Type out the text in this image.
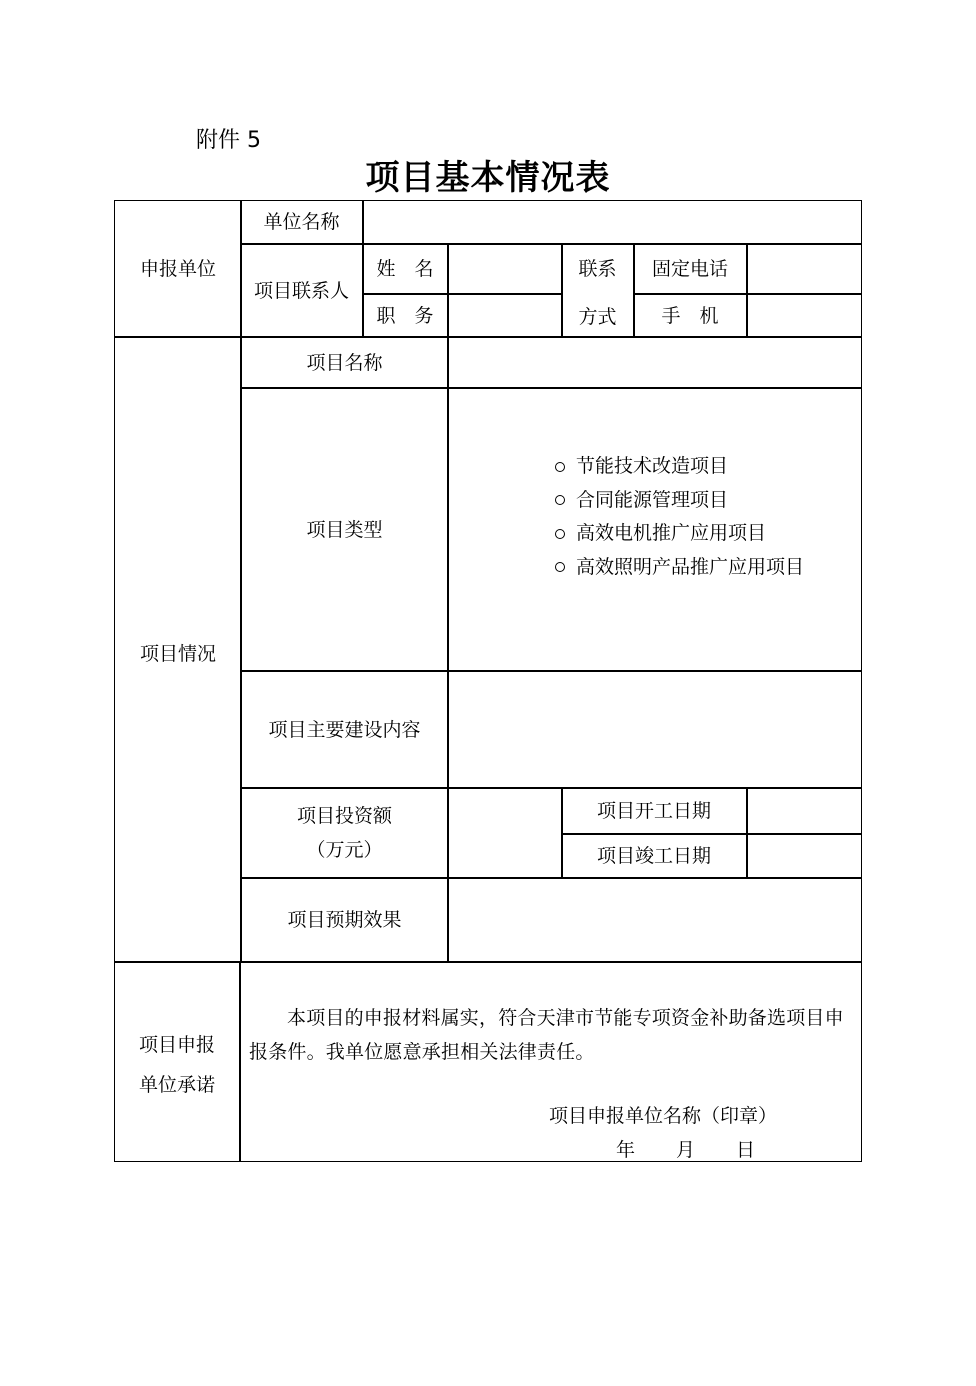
附件 5
项目基本情况表
申报单位
单位名称
项目联系人
姓　名
职　务
联系
方式
固定电话
手　机
项目情况
项目名称
项目类型
节能技术改造项目
合同能源管理项目
高效电机推广应用项目
高效照明产品推广应用项目
项目主要建设内容
项目投资额
（万元）
项目开工日期
项目竣工日期
项目预期效果
项目申报
单位承诺
本项目的申报材料属实，符合天津市节能专项资金补助备选项目申报条件。我单位愿意承担相关法律责任。
项目申报单位名称（印章）
年 月 日
